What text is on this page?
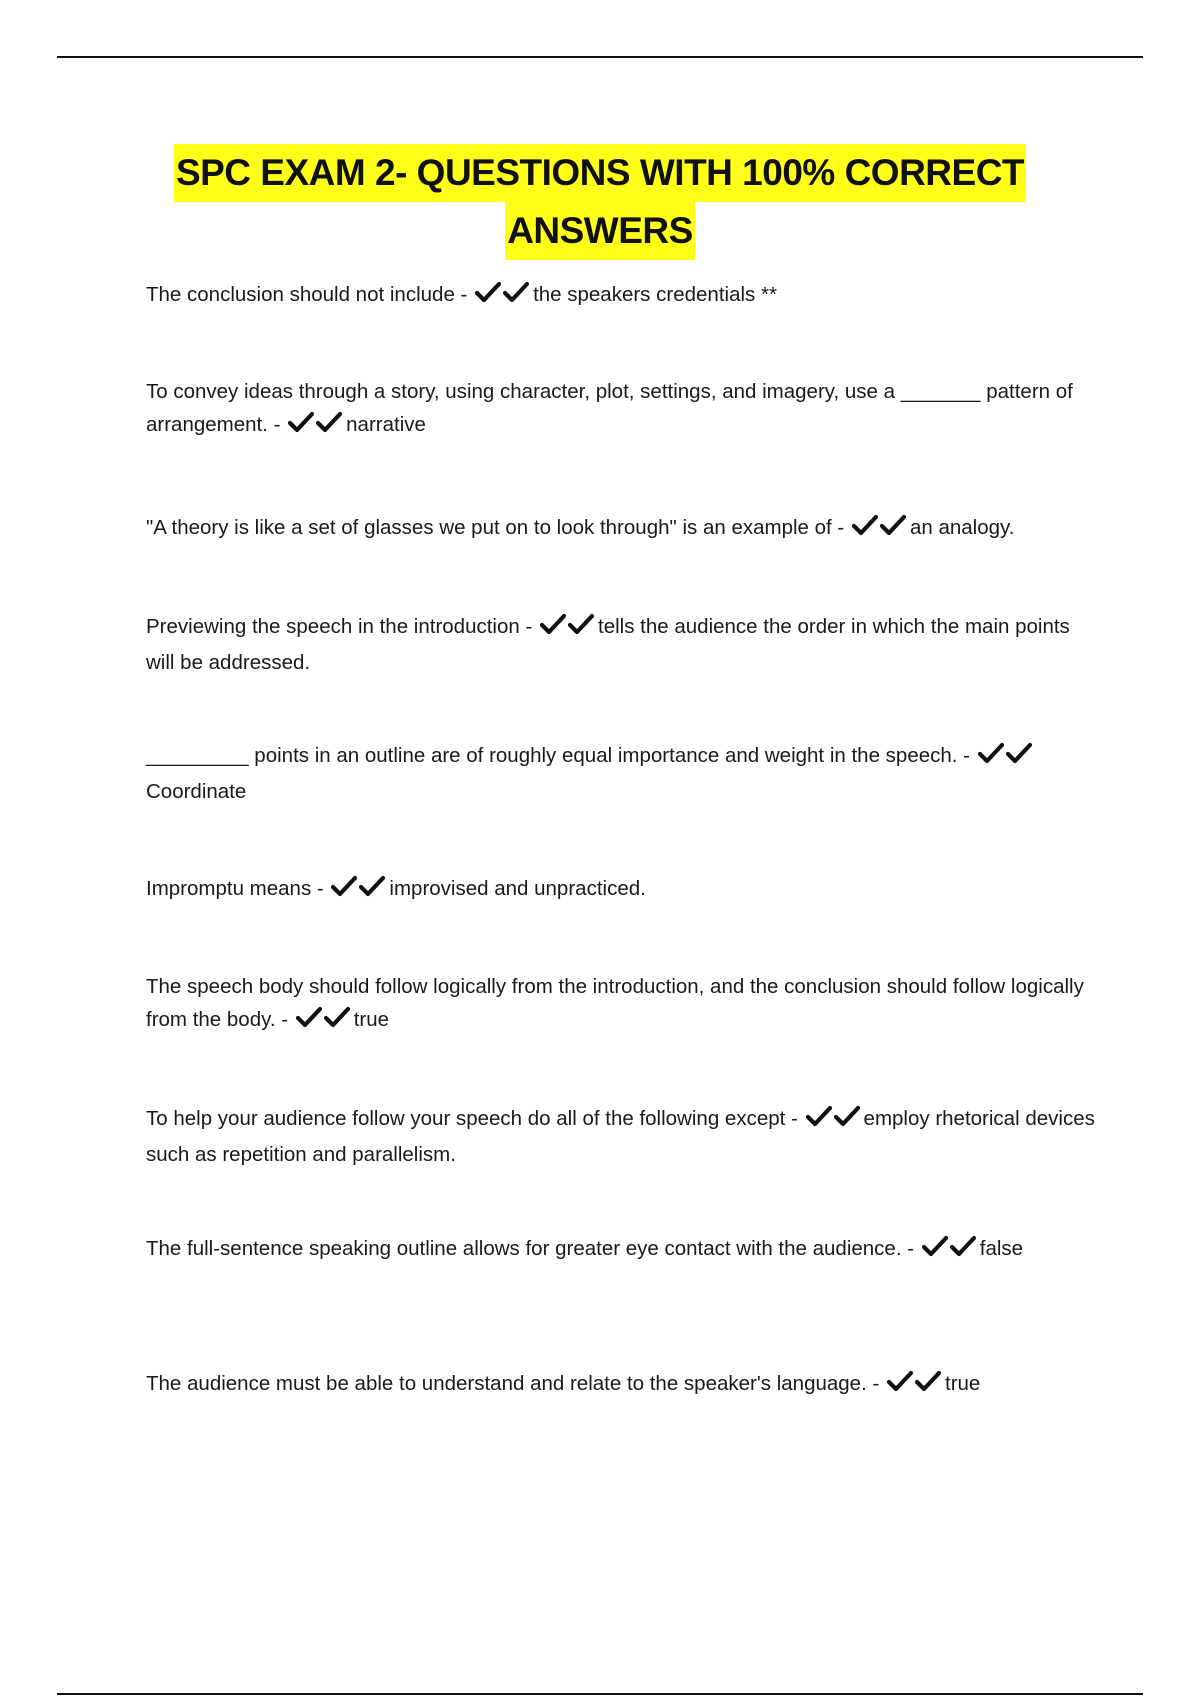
SPC EXAM 2- QUESTIONS WITH 100% CORRECT
ANSWERS
The conclusion should not include -	the speakers credentials **
To convey ideas through a story, using character, plot, settings, and imagery, use a _______ pattern of arrangement. -	narrative
"A theory is like a set of glasses we put on to look through" is an example of -	an analogy.
Previewing the speech in the introduction -	tells the audience the order in which the main points will be addressed.
_________ points in an outline are of roughly equal importance and weight in the speech. -
Coordinate
Impromptu means -	improvised and unpracticed.
The speech body should follow logically from the introduction, and the conclusion should follow logically from the body. -	true
To help your audience follow your speech do all of the following except -	employ rhetorical devices such as repetition and parallelism.
The full-sentence speaking outline allows for greater eye contact with the audience. -	false
The audience must be able to understand and relate to the speaker's language. -	true
